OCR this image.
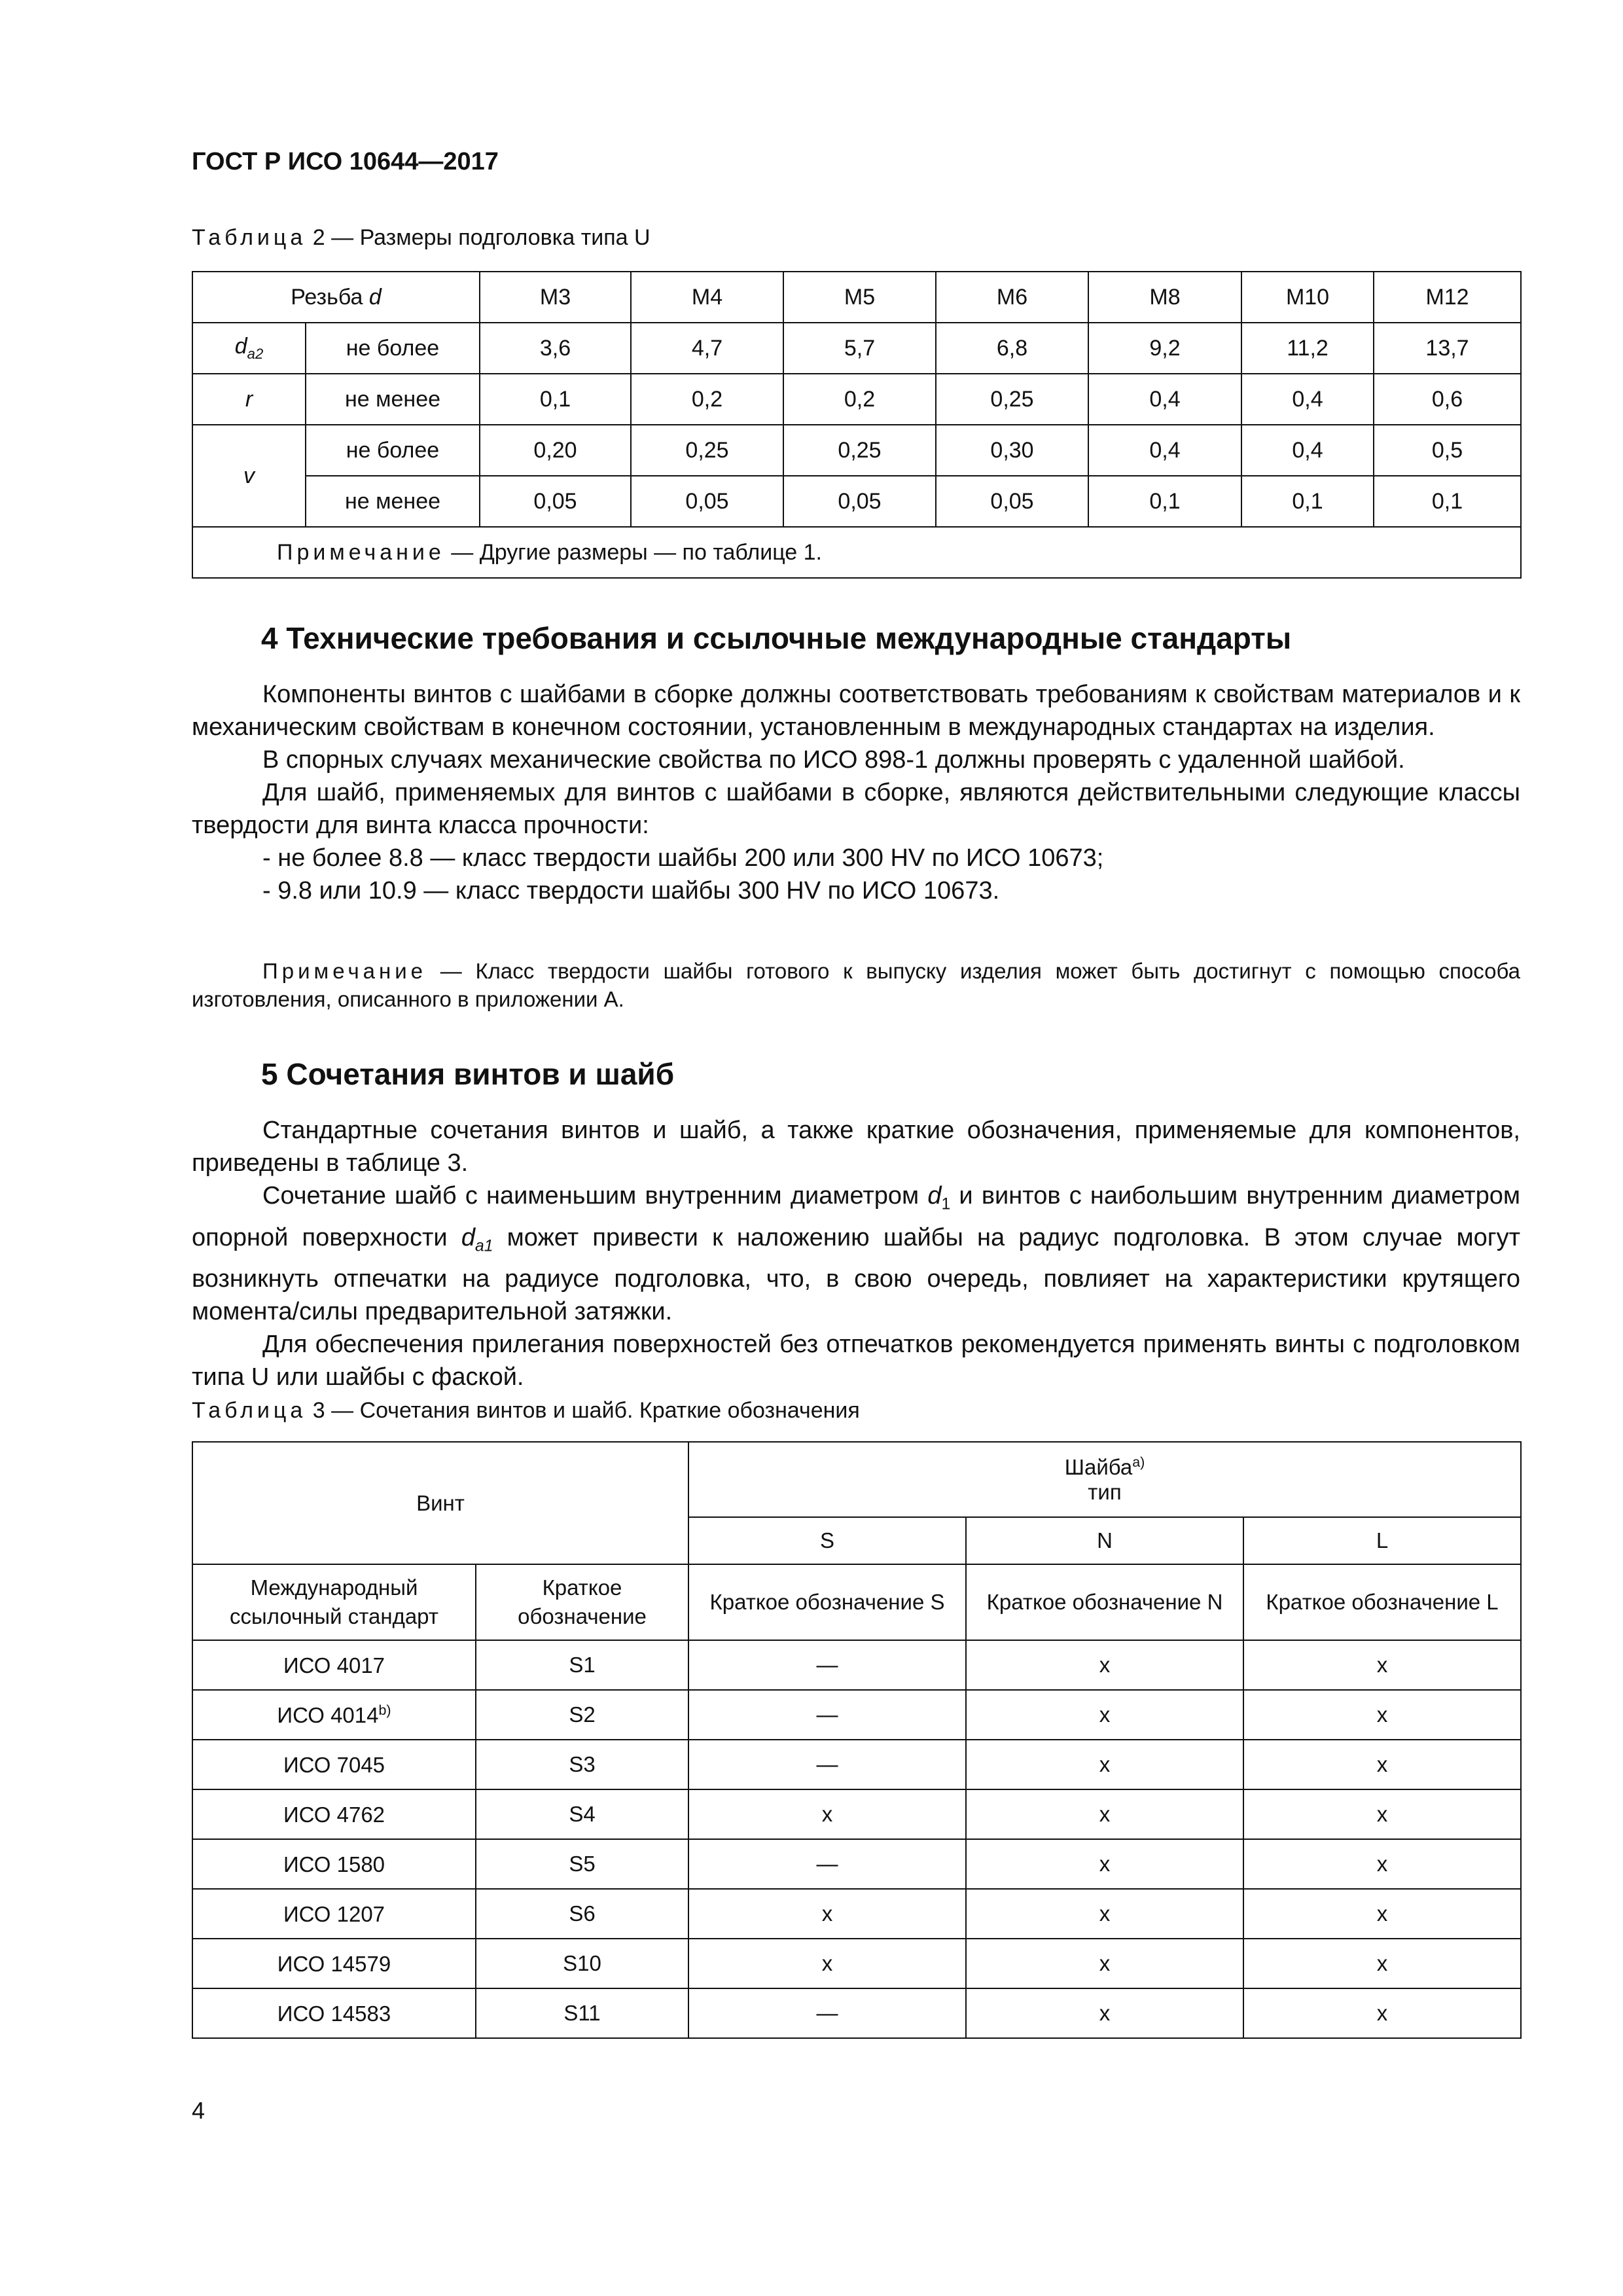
ГОСТ Р ИСО 10644—2017
Таблица 2 — Размеры подголовка типа U
Резьба d		М3	М4	М5	М6	М8	М10	М12
$d_{a2}$	не более	3,6	4,7	5,7	6,8	9,2	11,2	13,7
r	не менее	0,1	0,2	0,2	0,25	0,4	0,4	0,6
v	не более	0,20	0,25	0,25	0,30	0,4	0,4	0,5
	не менее	0,05	0,05	0,05	0,05	0,1	0,1	0,1
Примечание — Другие размеры — по таблице 1.								
4 Технические требования и ссылочные международные стандарты

Компоненты винтов с шайбами в сборке должны соответствовать требованиям к свойствам материалов и к механическим свойствам в конечном состоянии, установленным в международных стандартах на изделия.

В спорных случаях механические свойства по ИСО 898-1 должны проверять с удаленной шайбой.

Для шайб, применяемых для винтов с шайбами в сборке, являются действительными следующие классы твердости для винта класса прочности:

- не более 8.8 — класс твердости шайбы 200 или 300 HV по ИСО 10673;

- 9.8 или 10.9 — класс твердости шайбы 300 HV по ИСО 10673.

Примечание — Класс твердости шайбы готового к выпуску изделия может быть достигнут с помощью способа изготовления, описанного в приложении А.
5 Сочетания винтов и шайб

Стандартные сочетания винтов и шайб, а также краткие обозначения, применяемые для компонентов, приведены в таблице 3.

Сочетание шайб с наименьшим внутренним диаметром $d_1$ и винтов с наибольшим внутренним диаметром опорной поверхности $d_{a1}$ может привести к наложению шайбы на радиус подголовка. В этом случае могут возникнуть отпечатки на радиусе подголовка, что, в свою очередь, повлияет на характеристики крутящего момента/силы предварительной затяжки.

Для обеспечения прилегания поверхностей без отпечатков рекомендуется применять винты с подголовком типа U или шайбы с фаской.

Таблица 3 — Сочетания винтов и шайб. Краткие обозначения
Винт		Шайба$^{a)}$
тип		
		S	N	L
Международный ссылочный стандарт	Краткое обозначение	Краткое обозначение S	Краткое обозначение N	Краткое обозначение L
ИСО 4017	S1	—	x	x
ИСО 4014$^{b)}$	S2	—	x	x
ИСО 7045	S3	—	x	x
ИСО 4762	S4	x	x	x
ИСО 1580	S5	—	x	x
ИСО 1207	S6	x	x	x
ИСО 14579	S10	x	x	x
ИСО 14583	S11	—	x	x
4
